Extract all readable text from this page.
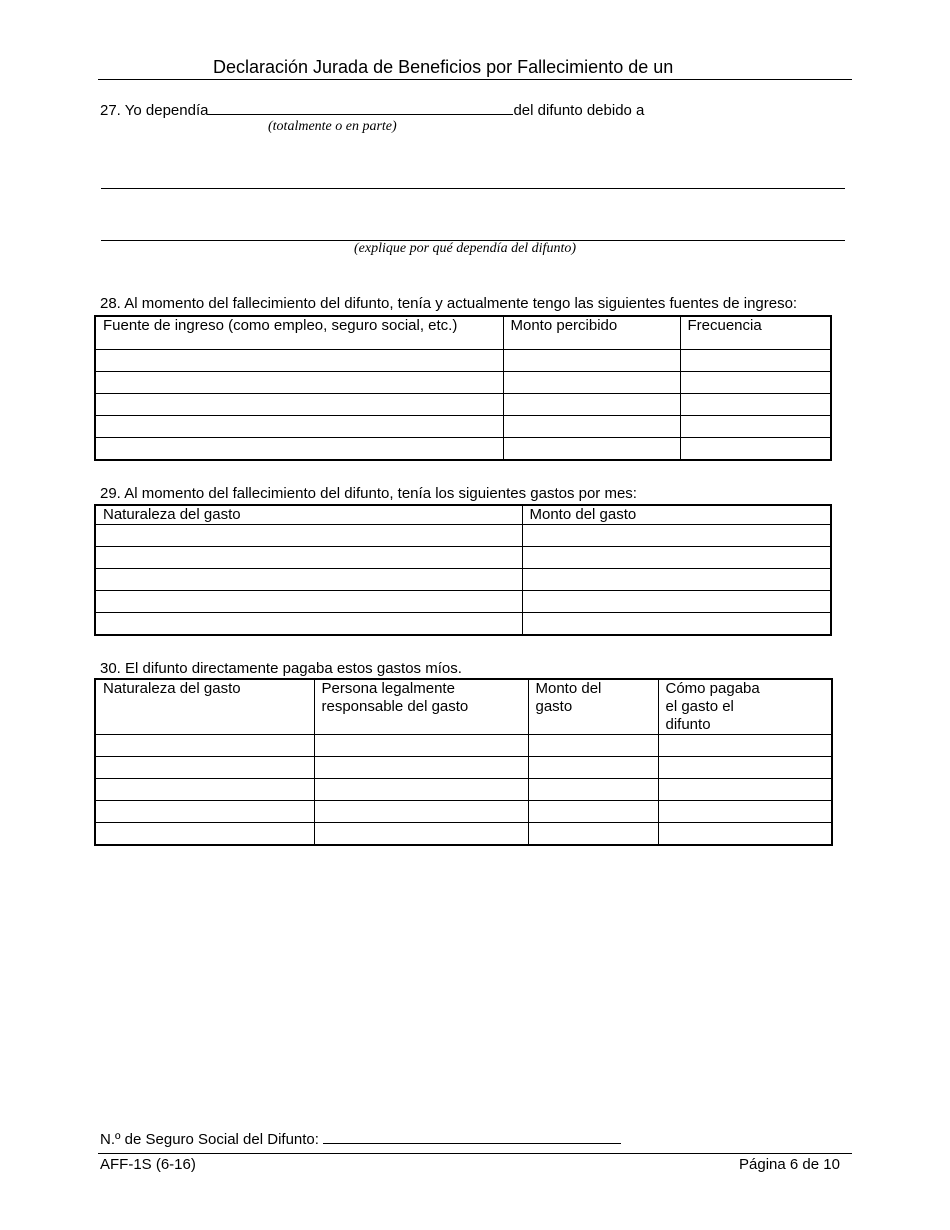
Declaración Jurada de Beneficios por Fallecimiento de un
27. Yo dependía	del difunto debido a
(totalmente o en parte)
(explique por qué dependía del difunto)
28. Al momento del fallecimiento del difunto, tenía y actualmente tengo las siguientes fuentes de ingreso:
Fuente de ingreso (como empleo, seguro social, etc.)	Monto percibido	Frecuencia

29. Al momento del fallecimiento del difunto, tenía los siguientes gastos por mes:
Naturaleza del gasto	Monto del gasto

30. El difunto directamente pagaba estos gastos míos.
Naturaleza del gasto	Persona legalmente responsable del gasto	Monto del gasto	Cómo pagaba el gasto el difunto

N.º de Seguro Social del Difunto:
AFF-1S (6-16)	Página 6 de 10
